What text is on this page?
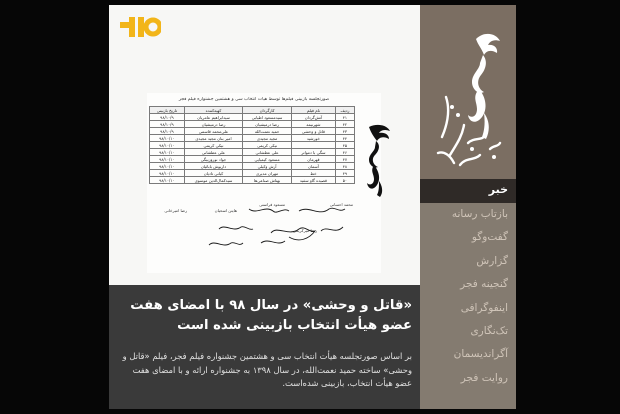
صورتجلسه بازبینی فیلم‌ها توسط هیأت انتخاب سی و هشتمین جشنواره فیلم فجر
ردیف	نام فیلم	کارگردان	کهیه‌کننده	تاریخ بازبینی
۴۱	آتش‌گردان	سیدمسعود اطیابی	سیدابراهیم عامریان	۹۸/۱۰/۹
۴۲	شهرنیمه	رضا درمیشیان	رضا درمیشیان	۹۸/۱۰/۹
۴۳	قاتل و وحشی	حمید نعمت‌الله	علی‌محمد قاسمی	۹۸/۱۰/۹
۴۴	خورشید	مجید مجیدی	امیر بنان مجید مجیدی	۹۸/۱۰/۱۰
۴۵		نیکی کریمی	نیکی کریمی	۹۸/۱۰/۱۰
۴۶	سگی با دمواتر	علی عطشانی	علی عطشانی	۹۸/۱۰/۱۰
۴۷	قهرمان	مسعود کیمیایی	جواد نوروزبیگی	۹۸/۱۰/۱۰
۴۸	آسمان	آرش وکیلی	داریوش بابائیان	۹۸/۱۰/۱۰
۴۹	خط	مهران مدیری	کیانی تادیان	۹۸/۱۰/۱۰
۵۰	قصیده گاو سفید	بهتاش صناعی‌ها	سیدکمال‌الدین موسوی	۹۸/۱۰/۱۰
محمد احسانی
مسعود فراستی
هایتن اسحیان
رضا میرکریمی
رضا امیرخانی
«قاتل و وحشی» در سال ۹۸ با امضای هفت عضو هیأت انتخاب بازبینی شده است
بر اساس صورتجلسه هیأت انتخاب سی و هشتمین جشنواره فیلم فجر، فیلم «قاتل و وحشی» ساخته حمید نعمت‌الله، در سال ۱۳۹۸ به جشنواره ارائه و با امضای هفت عضو هیأت انتخاب، بازبینی شده‌است.
خبر
بازتاب رسانه
گفت‌وگو
گزارش
گنجینه فجر
اینفوگرافی
تک‌نگاری
آگراندیسمان
روایت فجر
